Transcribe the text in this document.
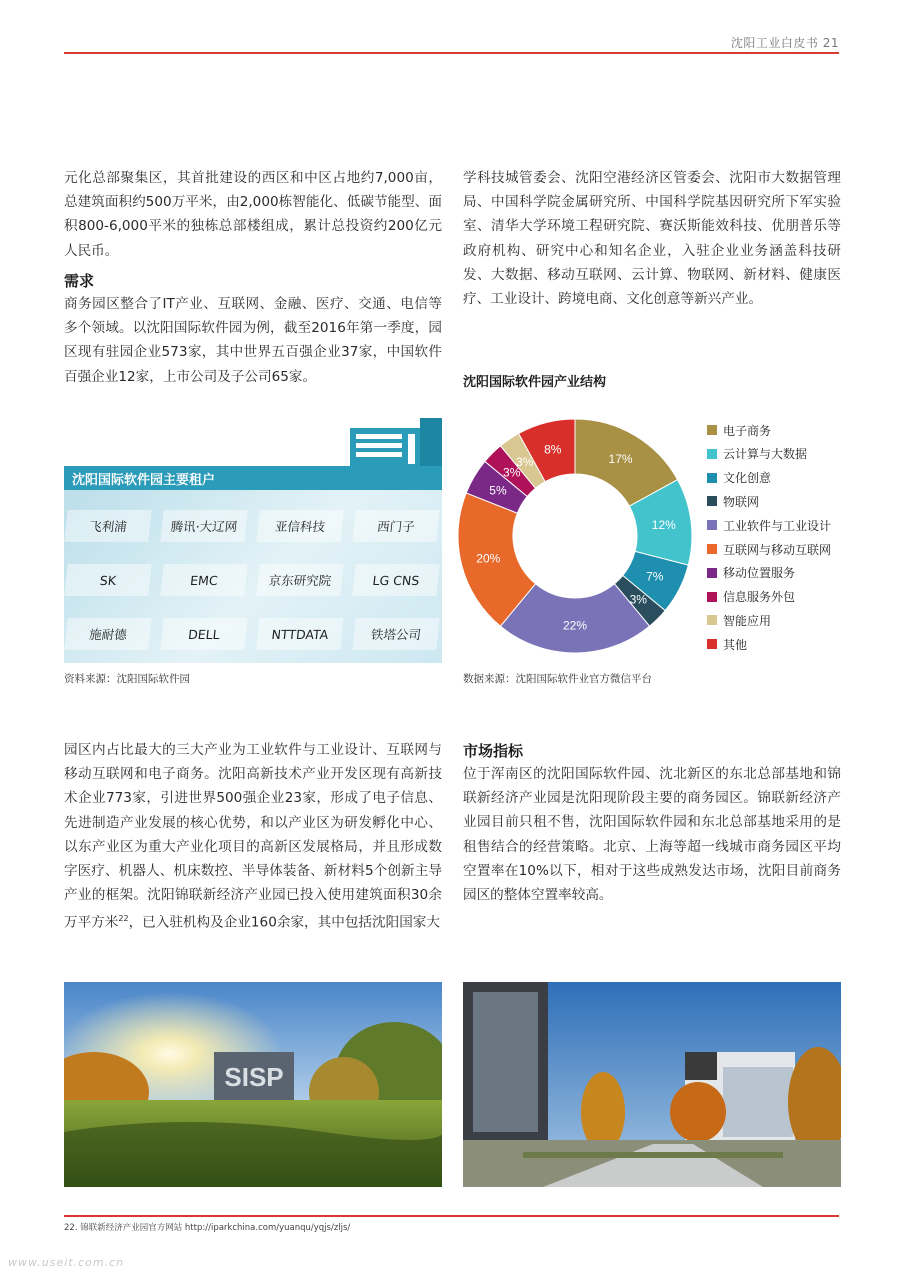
沈阳工业白皮书 21

元化总部聚集区，其首批建设的西区和中区占地约7,000亩，总建筑面积约500万平米，由2,000栋智能化、低碳节能型、面积800-6,000平米的独栋总部楼组成，累计总投资约200亿元人民币。

需求

商务园区整合了IT产业、互联网、金融、医疗、交通、电信等多个领域。以沈阳国际软件园为例，截至2016年第一季度，园区现有驻园企业573家，其中世界五百强企业37家，中国软件百强企业12家，上市公司及子公司65家。

学科技城管委会、沈阳空港经济区管委会、沈阳市大数据管理局、中国科学院金属研究所、中国科学院基因研究所下军实验室、清华大学环境工程研究院、赛沃斯能效科技、优朋普乐等政府机构、研究中心和知名企业，入驻企业业务涵盖科技研发、大数据、移动互联网、云计算、物联网、新材料、健康医疗、工业设计、跨境电商、文化创意等新兴产业。

沈阳国际软件园主要租户
飞利浦	腾讯·大辽网	亚信科技	西门子
SK	EMC	京东研究院	LG CNS
施耐德	DELL	NTTDATA	铁塔公司
资料来源：沈阳国际软件园
沈阳国际软件园产业结构
17%
12%
7%
3%
22%
20%
5%
3%
3%
8%
电子商务
云计算与大数据
文化创意
物联网
工业软件与工业设计
互联网与移动互联网
移动位置服务
信息服务外包
智能应用
其他
数据来源：沈阳国际软件业官方微信平台

园区内占比最大的三大产业为工业软件与工业设计、互联网与移动互联网和电子商务。沈阳高新技术产业开发区现有高新技术企业773家，引进世界500强企业23家，形成了电子信息、先进制造产业发展的核心优势，和以产业区为研发孵化中心、以东产业区为重大产业化项目的高新区发展格局，并且形成数字医疗、机器人、机床数控、半导体装备、新材料5个创新主导产业的框架。沈阳锦联新经济产业园已投入使用建筑面积30余万平方米$^{22}$，已入驻机构及企业160余家，其中包括沈阳国家大

市场指标

位于浑南区的沈阳国际软件园、沈北新区的东北总部基地和锦联新经济产业园是沈阳现阶段主要的商务园区。锦联新经济产业园目前只租不售，沈阳国际软件园和东北总部基地采用的是租售结合的经营策略。北京、上海等超一线城市商务园区平均空置率在10%以下，相对于这些成熟发达市场，沈阳目前商务园区的整体空置率较高。

SISP
22. 锦联新经济产业园官方网站 http://iparkchina.com/yuanqu/yqjs/zljs/
www.useit.com.cn
